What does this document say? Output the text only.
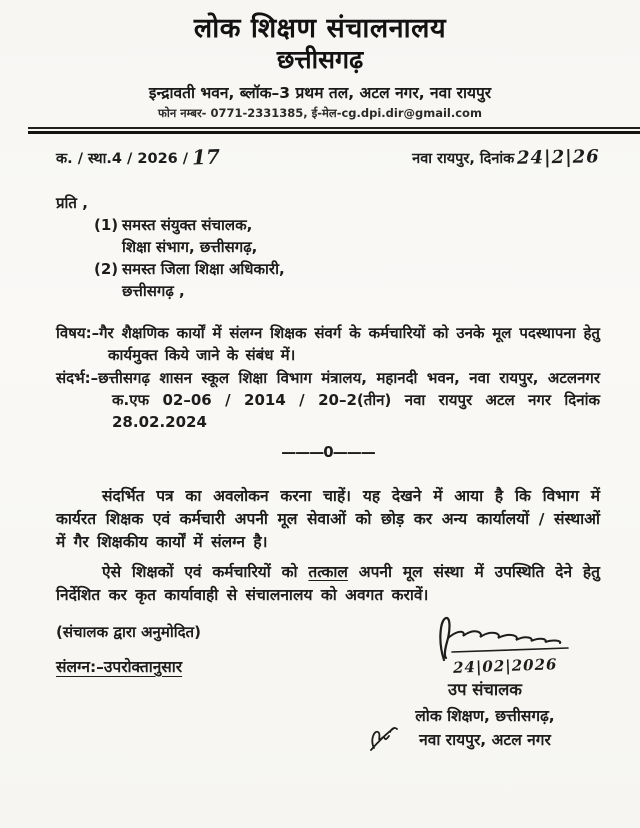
लोक शिक्षण संचालनालय
छत्तीसगढ़
इन्द्रावती भवन, ब्लॉक–3 प्रथम तल, अटल नगर, नवा रायपुर
फोन नम्बर- 0771-2331385, ई-मेल-cg.dpi.dir@gmail.com
क. / स्था.4 / 2026 / 17	नवा रायपुर, दिनांक 24|2|26
प्रति ,
(1) समस्त संयुक्त संचालक,
शिक्षा संभाग, छत्तीसगढ़,
(2) समस्त जिला शिक्षा अधिकारी,
छत्तीसगढ़ ,
विषय:–गैर शैक्षणिक कार्यों में संलग्न शिक्षक संवर्ग के कर्मचारियों को उनके मूल पदस्थापना हेतु कार्यमुक्त किये जाने के संबंध में।
संदर्भ:–छत्तीसगढ़ शासन स्कूल शिक्षा विभाग मंत्रालय, महानदी भवन, नवा रायपुर, अटलनगर क.एफ 02–06 / 2014 / 20–2(तीन) नवा रायपुर अटल नगर दिनांक 28.02.2024
———0———
संदर्भित पत्र का अवलोकन करना चाहें। यह देखने में आया है कि विभाग में कार्यरत शिक्षक एवं कर्मचारी अपनी मूल सेवाओं को छोड़ कर अन्य कार्यालयों / संस्थाओं में गैर शिक्षकीय कार्यों में संलग्न है।
ऐसे शिक्षकों एवं कर्मचारियों को तत्काल अपनी मूल संस्था में उपस्थिति देने हेतु निर्देशित कर कृत कार्यावाही से संचालनालय को अवगत करावें।
(संचालक द्वारा अनुमोदित)
संलग्न:–उपरोक्तानुसार	24|02|2026
उप संचालक
लोक शिक्षण, छत्तीसगढ़,
नवा रायपुर, अटल नगर
